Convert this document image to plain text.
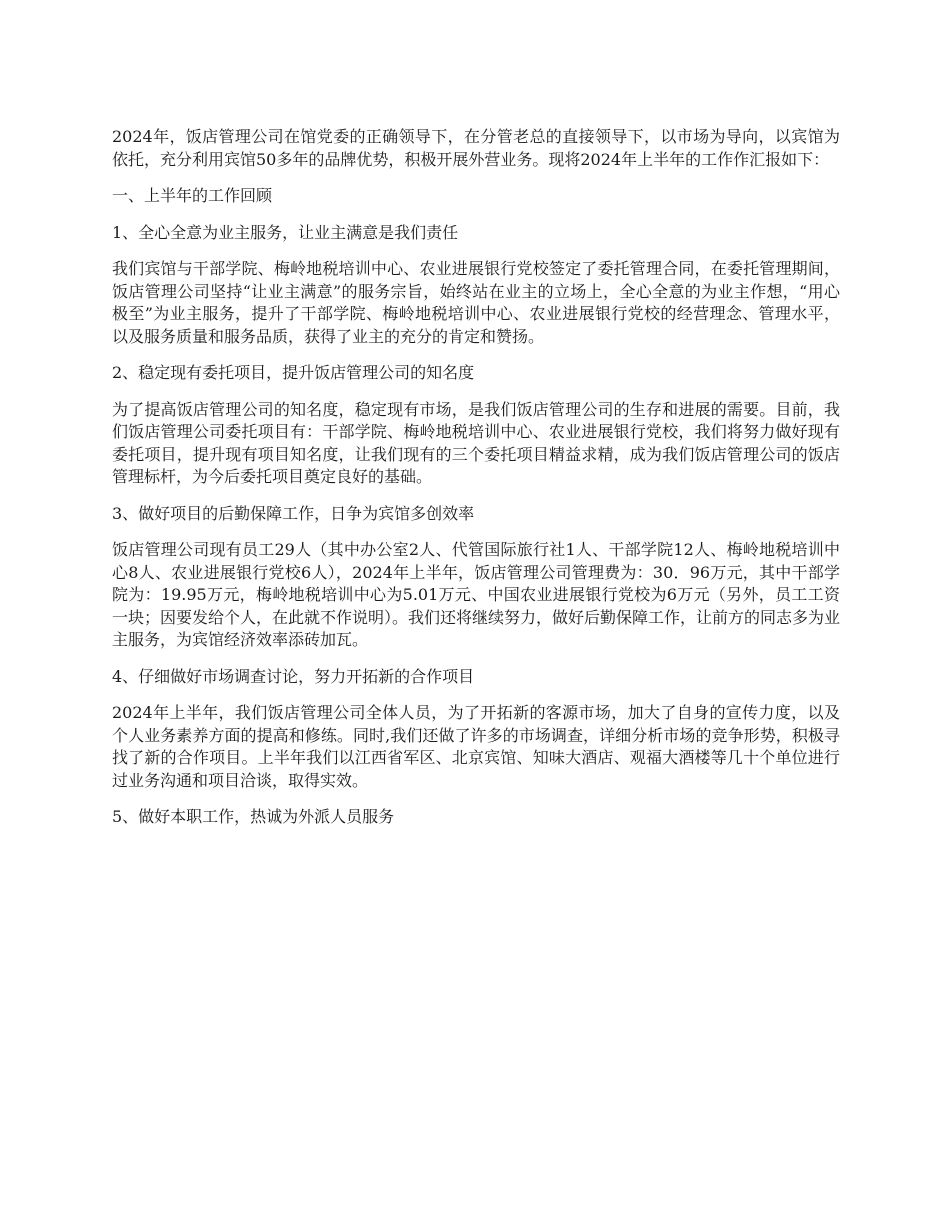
2024年，饭店管理公司在馆党委的正确领导下，在分管老总的直接领导下，以市场为导向，以宾馆为依托，充分利用宾馆50多年的品牌优势，积极开展外营业务。现将2024年上半年的工作作汇报如下：

一、上半年的工作回顾

1、全心全意为业主服务，让业主满意是我们责任

我们宾馆与干部学院、梅岭地税培训中心、农业进展银行党校签定了委托管理合同，在委托管理期间，饭店管理公司坚持“让业主满意”的服务宗旨，始终站在业主的立场上，全心全意的为业主作想，“用心极至”为业主服务，提升了干部学院、梅岭地税培训中心、农业进展银行党校的经营理念、管理水平，以及服务质量和服务品质，获得了业主的充分的肯定和赞扬。

2、稳定现有委托项目，提升饭店管理公司的知名度

为了提高饭店管理公司的知名度，稳定现有市场，是我们饭店管理公司的生存和进展的需要。目前，我们饭店管理公司委托项目有：干部学院、梅岭地税培训中心、农业进展银行党校，我们将努力做好现有委托项目，提升现有项目知名度，让我们现有的三个委托项目精益求精，成为我们饭店管理公司的饭店管理标杆，为今后委托项目奠定良好的基础。

3、做好项目的后勤保障工作，日争为宾馆多创效率

饭店管理公司现有员工29人（其中办公室2人、代管国际旅行社1人、干部学院12人、梅岭地税培训中心8人、农业进展银行党校6人），2024年上半年，饭店管理公司管理费为：30．96万元，其中干部学院为：19.95万元，梅岭地税培训中心为5.01万元、中国农业进展银行党校为6万元（另外，员工工资一块；因要发给个人，在此就不作说明）。我们还将继续努力，做好后勤保障工作，让前方的同志多为业主服务，为宾馆经济效率添砖加瓦。

4、仔细做好市场调查讨论，努力开拓新的合作项目

2024年上半年，我们饭店管理公司全体人员，为了开拓新的客源市场，加大了自身的宣传力度，以及个人业务素养方面的提高和修练。同时,我们还做了许多的市场调查，详细分析市场的竞争形势，积极寻找了新的合作项目。上半年我们以江西省军区、北京宾馆、知味大酒店、观福大酒楼等几十个单位进行过业务沟通和项目洽谈，取得实效。

5、做好本职工作，热诚为外派人员服务
